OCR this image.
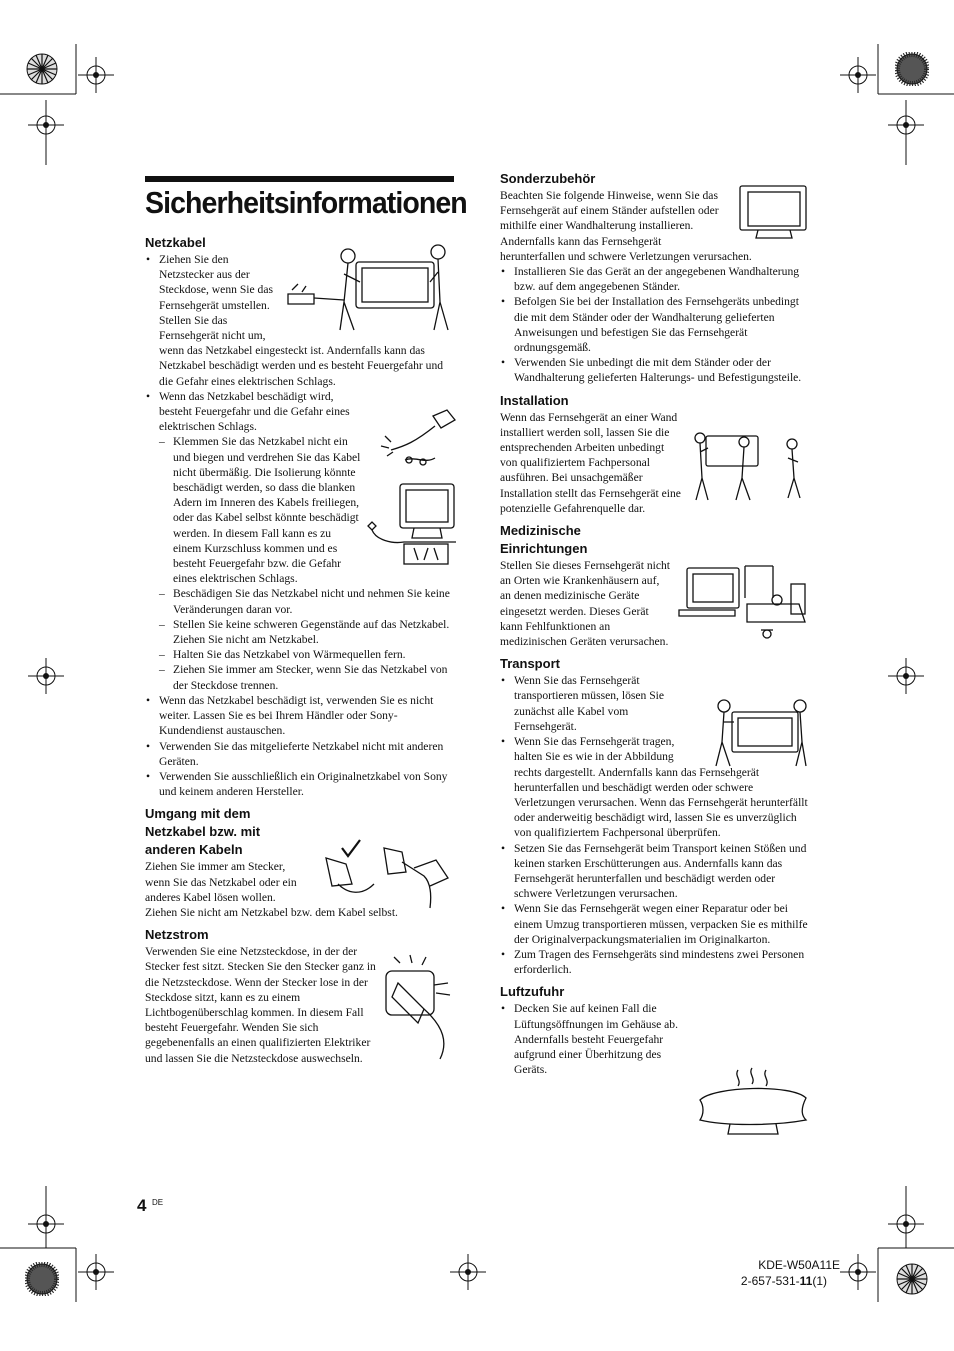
Sicherheitsinformationen

Netzkabel

• Ziehen Sie den Netzstecker aus der Steckdose, wenn Sie das Fernsehgerät umstellen. Stellen Sie das Fernsehgerät nicht um, wenn das Netzkabel eingesteckt ist. Andernfalls kann das Netzkabel beschädigt werden und es besteht Feuergefahr und die Gefahr eines elektrischen Schlags.
• Wenn das Netzkabel beschädigt wird, besteht Feuergefahr und die Gefahr eines elektrischen Schlags.
– Klemmen Sie das Netzkabel nicht ein und biegen und verdrehen Sie das Kabel nicht übermäßig. Die Isolierung könnte beschädigt werden, so dass die blanken Adern im Inneren des Kabels freiliegen, oder das Kabel selbst könnte beschädigt werden. In diesem Fall kann es zu einem Kurzschluss kommen und es besteht Feuergefahr bzw. die Gefahr eines elektrischen Schlags.
– Beschädigen Sie das Netzkabel nicht und nehmen Sie keine Veränderungen daran vor.
– Stellen Sie keine schweren Gegenstände auf das Netzkabel. Ziehen Sie nicht am Netzkabel.
– Halten Sie das Netzkabel von Wärmequellen fern.
– Ziehen Sie immer am Stecker, wenn Sie das Netzkabel von der Steckdose trennen.
• Wenn das Netzkabel beschädigt ist, verwenden Sie es nicht weiter. Lassen Sie es bei Ihrem Händler oder Sony-Kundendienst austauschen.
• Verwenden Sie das mitgelieferte Netzkabel nicht mit anderen Geräten.
• Verwenden Sie ausschließlich ein Originalnetzkabel von Sony und keinem anderen Hersteller.

Umgang mit dem

Netzkabel bzw. mit

anderen Kabeln

Ziehen Sie immer am Stecker, wenn Sie das Netzkabel oder ein anderes Kabel lösen wollen. Ziehen Sie nicht am Netzkabel bzw. dem Kabel selbst.

Netzstrom

Verwenden Sie eine Netzsteckdose, in der der Stecker fest sitzt. Stecken Sie den Stecker ganz in die Netzsteckdose. Wenn der Stecker lose in der Steckdose sitzt, kann es zu einem Lichtbogenüberschlag kommen. In diesem Fall besteht Feuergefahr. Wenden Sie sich gegebenenfalls an einen qualifizierten Elektriker und lassen Sie die Netzsteckdose auswechseln.

Sonderzubehör

Beachten Sie folgende Hinweise, wenn Sie das Fernsehgerät auf einem Ständer aufstellen oder mithilfe einer Wandhalterung installieren. Andernfalls kann das Fernsehgerät herunterfallen und schwere Verletzungen verursachen.

• Installieren Sie das Gerät an der angegebenen Wandhalterung bzw. auf dem angegebenen Ständer.
• Befolgen Sie bei der Installation des Fernsehgeräts unbedingt die mit dem Ständer oder der Wandhalterung gelieferten Anweisungen und befestigen Sie das Fernsehgerät ordnungsgemäß.
• Verwenden Sie unbedingt die mit dem Ständer oder der Wandhalterung gelieferten Halterungs- und Befestigungsteile.

Installation

Wenn das Fernsehgerät an einer Wand installiert werden soll, lassen Sie die entsprechenden Arbeiten unbedingt von qualifiziertem Fachpersonal ausführen. Bei unsachgemäßer Installation stellt das Fernsehgerät eine potenzielle Gefahrenquelle dar.

Medizinische

Einrichtungen

Stellen Sie dieses Fernsehgerät nicht an Orten wie Krankenhäusern auf, an denen medizinische Geräte eingesetzt werden. Dieses Gerät kann Fehlfunktionen an medizinischen Geräten verursachen.

Transport

• Wenn Sie das Fernsehgerät transportieren müssen, lösen Sie zunächst alle Kabel vom Fernsehgerät.
• Wenn Sie das Fernsehgerät tragen, halten Sie es wie in der Abbildung rechts dargestellt. Andernfalls kann das Fernsehgerät herunterfallen und beschädigt werden oder schwere Verletzungen verursachen. Wenn das Fernsehgerät herunterfällt oder anderweitig beschädigt wird, lassen Sie es unverzüglich von qualifiziertem Fachpersonal überprüfen.
• Setzen Sie das Fernsehgerät beim Transport keinen Stößen und keinen starken Erschütterungen aus. Andernfalls kann das Fernsehgerät herunterfallen und beschädigt werden oder schwere Verletzungen verursachen.
• Wenn Sie das Fernsehgerät wegen einer Reparatur oder bei einem Umzug transportieren müssen, verpacken Sie es mithilfe der Originalverpackungsmaterialien im Originalkarton.
• Zum Tragen des Fernsehgeräts sind mindestens zwei Personen erforderlich.

Luftzufuhr

• Decken Sie auf keinen Fall die Lüftungsöffnungen im Gehäuse ab. Andernfalls besteht Feuergefahr aufgrund einer Überhitzung des Geräts.
4 DE
KDE-W50A11E
2-657-531-11(1)
